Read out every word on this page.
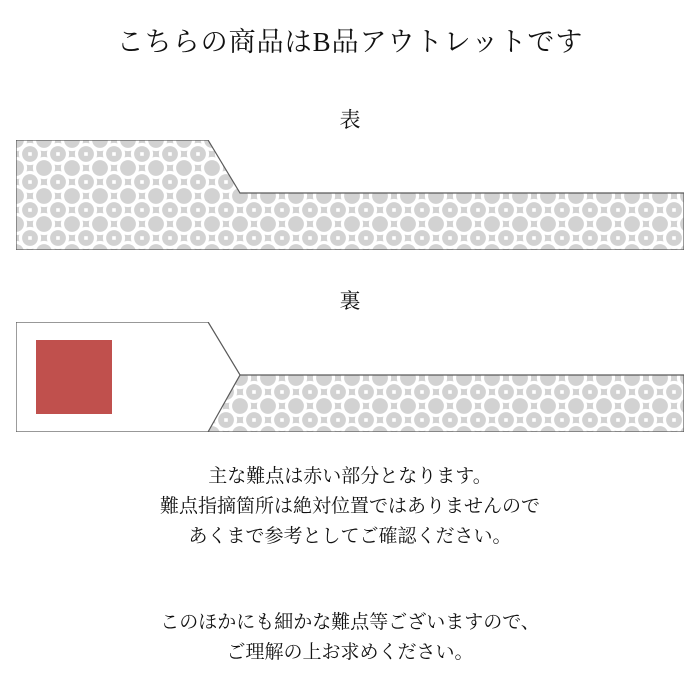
こちらの商品はB品アウトレットです
表
裏
主な難点は赤い部分となります。
難点指摘箇所は絶対位置ではありませんので
あくまで参考としてご確認ください。
このほかにも細かな難点等ございますので、
ご理解の上お求めください。
